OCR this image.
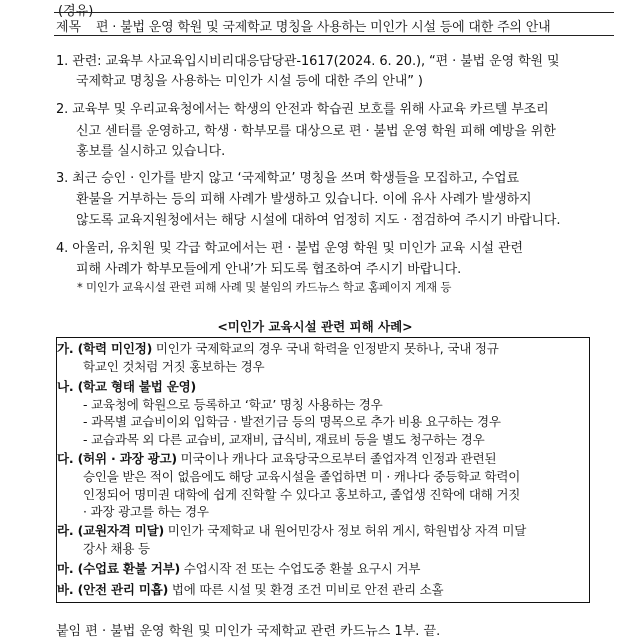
(경유)
제목 편 · 불법 운영 학원 및 국제학교 명칭을 사용하는 미인가 시설 등에 대한 주의 안내
1. 관련: 교육부 사교육입시비리대응담당관-1617(2024. 6. 20.), “편 · 불법 운영 학원 및
국제학교 명칭을 사용하는 미인가 시설 등에 대한 주의 안내” )
2. 교육부 및 우리교육청에서는 학생의 안전과 학습권 보호를 위해 사교육 카르텔 부조리
신고 센터를 운영하고, 학생 · 학부모를 대상으로 편 · 불법 운영 학원 피해 예방을 위한
홍보를 실시하고 있습니다.
3. 최근 승인 · 인가를 받지 않고 ‘국제학교’ 명칭을 쓰며 학생들을 모집하고, 수업료
환불을 거부하는 등의 피해 사례가 발생하고 있습니다. 이에 유사 사례가 발생하지
않도록 교육지원청에서는 해당 시설에 대하여 엄정히 지도 · 점검하여 주시기 바랍니다.
4. 아울러, 유치원 및 각급 학교에서는 편 · 불법 운영 학원 및 미인가 교육 시설 관련
피해 사례가 학부모들에게 안내’가 되도록 협조하여 주시기 바랍니다.
* 미인가 교육시설 관련 피해 사례 및 붙임의 카드뉴스 학교 홈페이지 게재 등
<미인가 교육시설 관련 피해 사례>
가. (학력 미인정) 미인가 국제학교의 경우 국내 학력을 인정받지 못하나, 국내 정규
학교인 것처럼 거짓 홍보하는 경우
나. (학교 형태 불법 운영)
- 교육청에 학원으로 등록하고 ‘학교’ 명칭 사용하는 경우
- 과목별 교습비이외 입학금 · 발전기금 등의 명목으로 추가 비용 요구하는 경우
- 교습과목 외 다른 교습비, 교재비, 급식비, 재료비 등을 별도 청구하는 경우
다. (허위 · 과장 광고) 미국이나 캐나다 교육당국으로부터 졸업자격 인정과 관련된
승인을 받은 적이 없음에도 해당 교육시설을 졸업하면 미 · 캐나다 중등학교 학력이
인정되어 명미권 대학에 쉽게 진학할 수 있다고 홍보하고, 졸업생 진학에 대해 거짓
· 과장 광고를 하는 경우
라. (교원자격 미달) 미인가 국제학교 내 원어민강사 정보 허위 게시, 학원법상 자격 미달
강사 채용 등
마. (수업료 환불 거부) 수업시작 전 또는 수업도중 환불 요구시 거부
바. (안전 관리 미흡) 법에 따른 시설 및 환경 조건 미비로 안전 관리 소홀
붙임 편 · 불법 운영 학원 및 미인가 국제학교 관련 카드뉴스 1부. 끝.
